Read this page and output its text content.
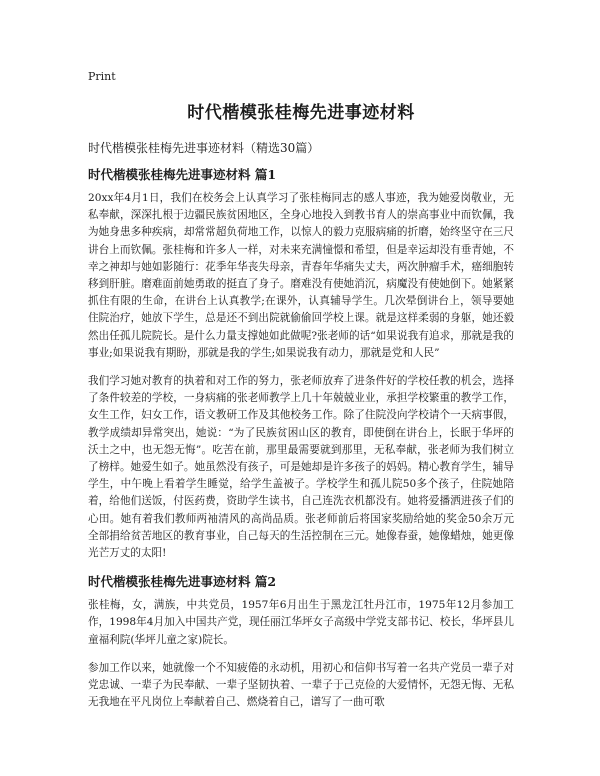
Print
时代楷模张桂梅先进事迹材料
时代楷模张桂梅先进事迹材料（精选30篇）
时代楷模张桂梅先进事迹材料 篇1

20xx年4月1日，我们在校务会上认真学习了张桂梅同志的感人事迹，我为她爱岗敬业，无私奉献，深深扎根于边疆民族贫困地区，全身心地投入到教书育人的崇高事业中而钦佩，我为她身患多种疾病，却常常超负荷地工作，以惊人的毅力克服病痛的折磨，始终坚守在三尺讲台上而钦佩。张桂梅和许多人一样，对未来充满憧憬和希望，但是幸运却没有垂青她，不幸之神却与她如影随行：花季年华丧失母亲，青春年华痛失丈夫，两次肿瘤手术，癌细胞转移到肝脏。磨难面前她勇敢的挺直了身子。磨难没有使她消沉，病魔没有使她倒下。她紧紧抓住有限的生命，在讲台上认真教学;在课外，认真辅导学生。几次晕倒讲台上，领导要她住院治疗，她放下学生，总是还不到出院就偷偷回学校上课。就是这样柔弱的身躯，她还毅然出任孤儿院院长。是什么力量支撑她如此做呢?张老师的话“如果说我有追求，那就是我的事业;如果说我有期盼，那就是我的学生;如果说我有动力，那就是党和人民”

我们学习她对教育的执着和对工作的努力，张老师放弃了进条件好的学校任教的机会，选择了条件较差的学校，一身病痛的张老师教学上几十年兢兢业业，承担学校繁重的教学工作，女生工作，妇女工作，语文教研工作及其他校务工作。除了住院没向学校请个一天病事假，教学成绩却异常突出，她说：“为了民族贫困山区的教育，即使倒在讲台上，长眠于华坪的沃土之中，也无怨无悔”。吃苦在前，那里最需要就到那里，无私奉献，张老师为我们树立了榜样。她爱生如子。她虽然没有孩子，可是她却是许多孩子的妈妈。精心教育学生，辅导学生，中午晚上看着学生睡觉，给学生盖被子。学校学生和孤儿院50多个孩子，住院她陪着，给他们送饭，付医药费，资助学生读书，自己连洗衣机都没有。她将爱播洒进孩子们的心田。她有着我们教师两袖清风的高尚品质。张老师前后将国家奖励给她的奖金50余万元全部捐给贫苦地区的教育事业，自己每天的生活控制在三元。她像春蚕，她像蜡烛，她更像光芒万丈的太阳!

时代楷模张桂梅先进事迹材料 篇2

张桂梅，女，满族，中共党员，1957年6月出生于黑龙江牡丹江市，1975年12月参加工作，1998年4月加入中国共产党，现任丽江华坪女子高级中学党支部书记、校长，华坪县儿童福利院(华坪儿童之家)院长。

参加工作以来，她就像一个不知疲倦的永动机，用初心和信仰书写着一名共产党员一辈子对党忠诚、一辈子为民奉献、一辈子坚韧执着、一辈子于己克俭的大爱情怀，无怨无悔、无私无我地在平凡岗位上奉献着自己、燃烧着自己，谱写了一曲可歌
